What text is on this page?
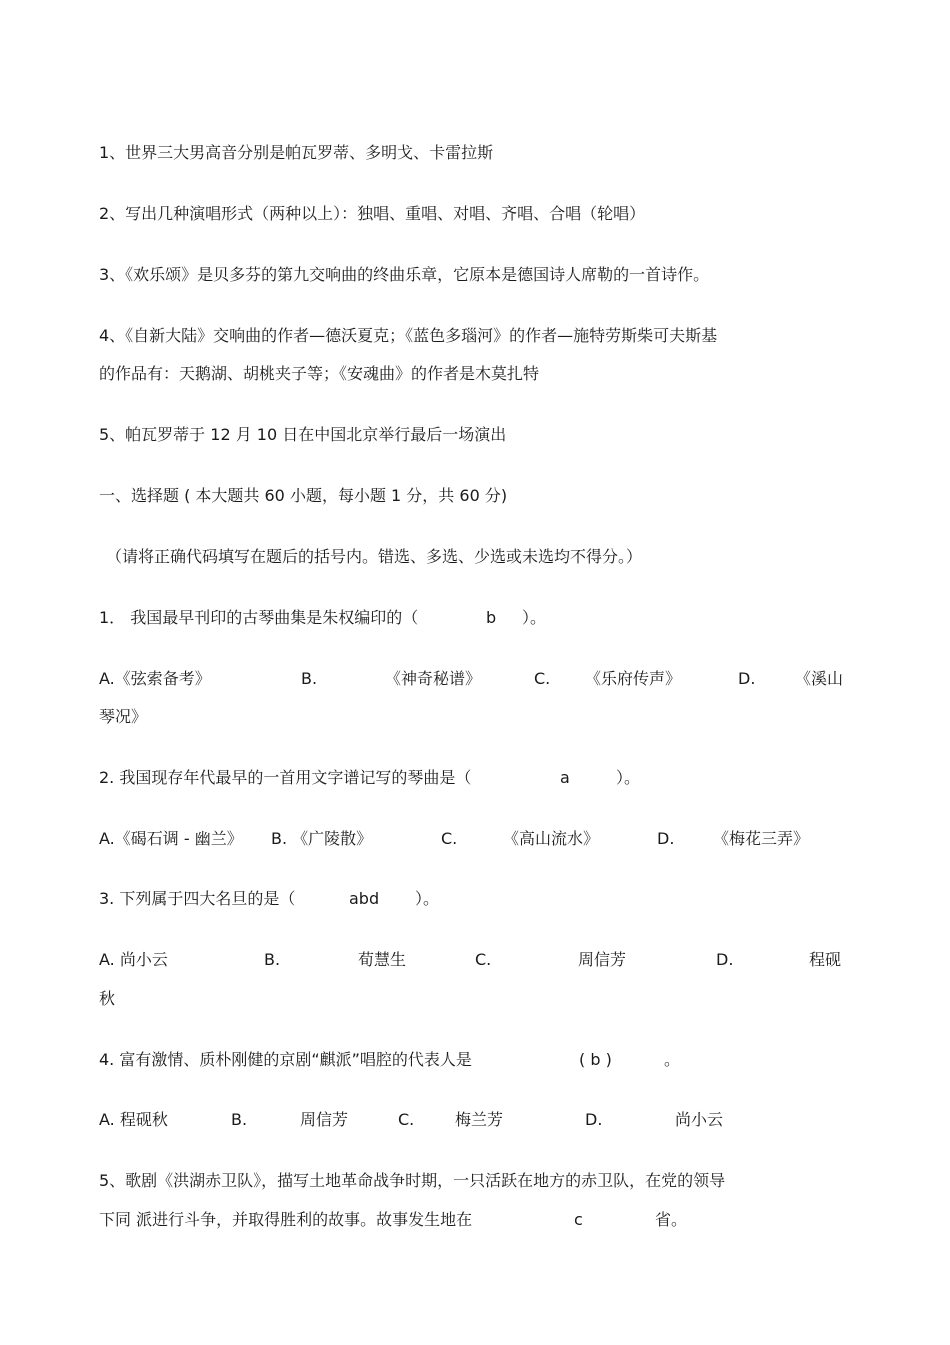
1、世界三大男高音分别是帕瓦罗蒂、多明戈、卡雷拉斯
2、写出几种演唱形式（两种以上）：独唱、重唱、对唱、齐唱、合唱（轮唱）
3、《欢乐颂》是贝多芬的第九交响曲的终曲乐章，它原本是德国诗人席勒的一首诗作。
4、《自新大陆》交响曲的作者—德沃夏克；《蓝色多瑙河》的作者—施特劳斯柴可夫斯基
的作品有：天鹅湖、胡桃夹子等；《安魂曲》的作者是木莫扎特
5、帕瓦罗蒂于 12 月 10 日在中国北京举行最后一场演出
一、选择题 ( 本大题共 60 小题，每小题 1 分，共 60 分)
（请将正确代码填写在题后的括号内。错选、多选、少选或未选均不得分。）
1． 我国最早刊印的古琴曲集是朱权编印的（	b ）。
A.《弦索备考》	B.	《神奇秘谱》	C. 《乐府传声》	D. 《溪山
琴况》
2. 我国现存年代最早的一首用文字谱记写的琴曲是（	a	）。
A.《碣石调 - 幽兰》 B. 《广陵散》	C.	《高山流水》	D. 《梅花三弄》
3. 下列属于四大名旦的是（	abd ）。
A. 尚小云	B.	荀慧生	C.	周信芳	D.	程砚
秋
4. 富有激情、质朴刚健的京剧“麒派”唱腔的代表人是	( b )	。
A. 程砚秋	B.	周信芳	C.	梅兰芳	D.	尚小云
5、歌剧《洪湖赤卫队》，描写土地革命战争时期，一只活跃在地方的赤卫队，在党的领导
下同 派进行斗争，并取得胜利的故事。故事发生地在	c	省。
